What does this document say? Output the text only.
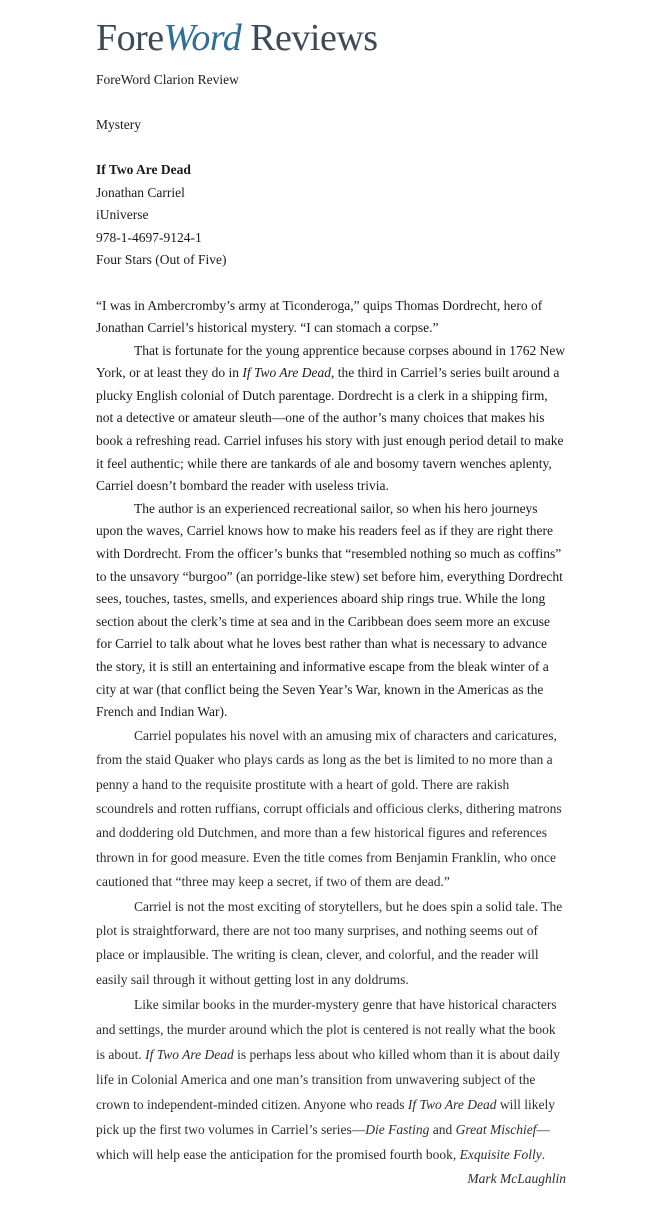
ForeWord Reviews

ForeWord Clarion Review

Mystery

If Two Are Dead

Jonathan Carriel

iUniverse

978-1-4697-9124-1

Four Stars (Out of Five)

“I was in Ambercromby’s army at Ticonderoga,” quips Thomas Dordrecht, hero of Jonathan Carriel’s historical mystery. “I can stomach a corpse.”

That is fortunate for the young apprentice because corpses abound in 1762 New York, or at least they do in If Two Are Dead, the third in Carriel’s series built around a plucky English colonial of Dutch parentage. Dordrecht is a clerk in a shipping firm, not a detective or amateur sleuth—one of the author’s many choices that makes his book a refreshing read. Carriel infuses his story with just enough period detail to make it feel authentic; while there are tankards of ale and bosomy tavern wenches aplenty, Carriel doesn’t bombard the reader with useless trivia.

The author is an experienced recreational sailor, so when his hero journeys upon the waves, Carriel knows how to make his readers feel as if they are right there with Dordrecht. From the officer’s bunks that “resembled nothing so much as coffins” to the unsavory “burgoo” (an porridge-like stew) set before him, everything Dordrecht sees, touches, tastes, smells, and experiences aboard ship rings true. While the long section about the clerk’s time at sea and in the Caribbean does seem more an excuse for Carriel to talk about what he loves best rather than what is necessary to advance the story, it is still an entertaining and informative escape from the bleak winter of a city at war (that conflict being the Seven Year’s War, known in the Americas as the French and Indian War).

Carriel populates his novel with an amusing mix of characters and caricatures, from the staid Quaker who plays cards as long as the bet is limited to no more than a penny a hand to the requisite prostitute with a heart of gold. There are rakish scoundrels and rotten ruffians, corrupt officials and officious clerks, dithering matrons and doddering old Dutchmen, and more than a few historical figures and references thrown in for good measure. Even the title comes from Benjamin Franklin, who once cautioned that “three may keep a secret, if two of them are dead.”

Carriel is not the most exciting of storytellers, but he does spin a solid tale. The plot is straightforward, there are not too many surprises, and nothing seems out of place or implausible. The writing is clean, clever, and colorful, and the reader will easily sail through it without getting lost in any doldrums.

Like similar books in the murder-mystery genre that have historical characters and settings, the murder around which the plot is centered is not really what the book is about. If Two Are Dead is perhaps less about who killed whom than it is about daily life in Colonial America and one man’s transition from unwavering subject of the crown to independent-minded citizen. Anyone who reads If Two Are Dead will likely pick up the first two volumes in Carriel’s series—Die Fasting and Great Mischief—which will help ease the anticipation for the promised fourth book, Exquisite Folly.

Mark McLaughlin
